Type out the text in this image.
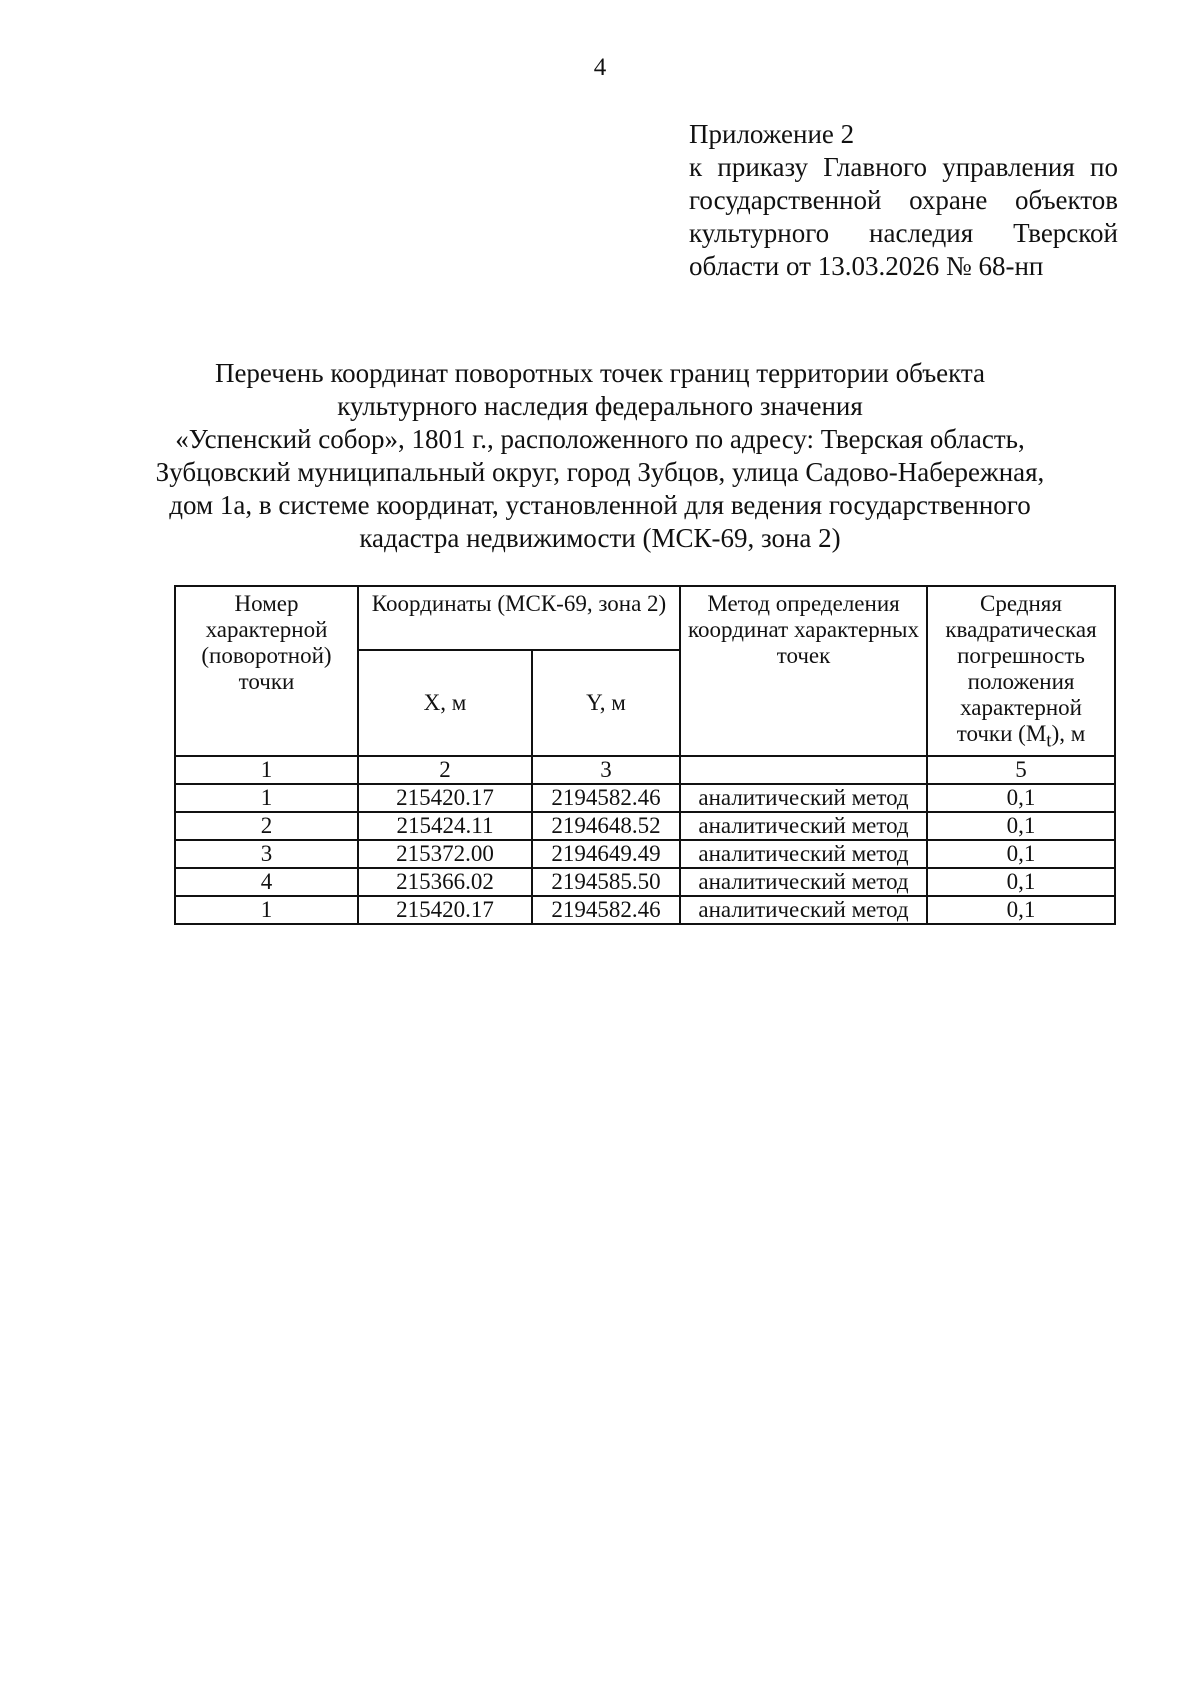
4
Приложение 2
к приказу Главного управления по
государственной охране объектов
культурного наследия Тверской
области от 13.03.2026 № 68-нп
Перечень координат поворотных точек границ территории объекта
культурного наследия федерального значения
«Успенский собор», 1801 г., расположенного по адресу: Тверская область,
Зубцовский муниципальный округ, город Зубцов, улица Садово-Набережная,
дом 1а, в системе координат, установленной для ведения государственного
кадастра недвижимости (МСК-69, зона 2)
Номер характерной (поворотной) точки	Координаты (МСК-69, зона 2)		Метод определения координат характерных точек	Средняя квадратическая погрешность положения характерной точки $(M_t)$, м
	X, м	Y, м		
1	2	3		5
1	215420.17	2194582.46	аналитический метод	0,1
2	215424.11	2194648.52	аналитический метод	0,1
3	215372.00	2194649.49	аналитический метод	0,1
4	215366.02	2194585.50	аналитический метод	0,1
1	215420.17	2194582.46	аналитический метод	0,1
